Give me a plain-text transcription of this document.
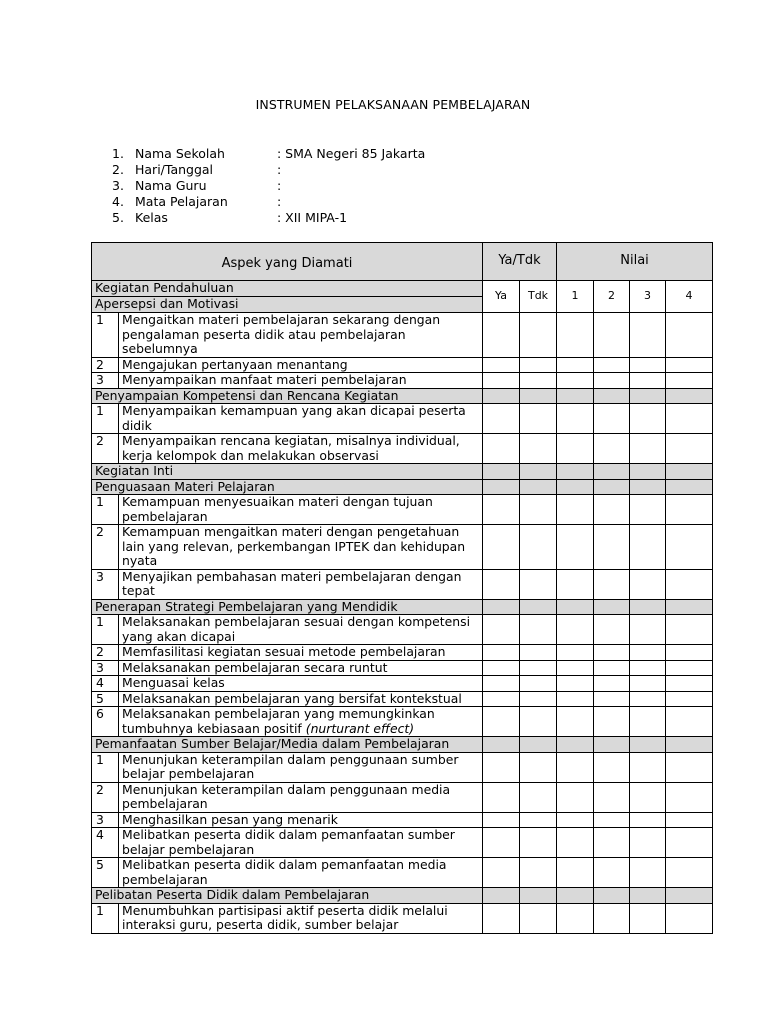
INSTRUMEN PELAKSANAAN PEMBELAJARAN
1. Nama Sekolah	: SMA Negeri 85 Jakarta
2. Hari/Tanggal	:
3. Nama Guru	:
4. Mata Pelajaran	:
5. Kelas	: XII MIPA-1
Aspek yang Diamati		Ya/Tdk		Nilai			
Kegiatan Pendahuluan		Ya	Tdk	1	2	3	4
Apersepsi dan Motivasi							
1	Mengaitkan materi pembelajaran sekarang dengan pengalaman peserta didik atau pembelajaran sebelumnya						
2	Mengajukan pertanyaan menantang						
3	Menyampaikan manfaat materi pembelajaran						
Penyampaian Kompetensi dan Rencana Kegiatan							
1	Menyampaikan kemampuan yang akan dicapai peserta didik						
2	Menyampaikan rencana kegiatan, misalnya individual, kerja kelompok dan melakukan observasi						
Kegiatan Inti							
Penguasaan Materi Pelajaran							
1	Kemampuan menyesuaikan materi dengan tujuan pembelajaran						
2	Kemampuan mengaitkan materi dengan pengetahuan lain yang relevan, perkembangan IPTEK dan kehidupan nyata						
3	Menyajikan pembahasan materi pembelajaran dengan tepat						
Penerapan Strategi Pembelajaran yang Mendidik							
1	Melaksanakan pembelajaran sesuai dengan kompetensi yang akan dicapai						
2	Memfasilitasi kegiatan sesuai metode pembelajaran						
3	Melaksanakan pembelajaran secara runtut						
4	Menguasai kelas						
5	Melaksanakan pembelajaran yang bersifat kontekstual						
6	Melaksanakan pembelajaran yang memungkinkan tumbuhnya kebiasaan positif (nurturant effect)						
Pemanfaatan Sumber Belajar/Media dalam Pembelajaran							
1	Menunjukan keterampilan dalam penggunaan sumber belajar pembelajaran						
2	Menunjukan keterampilan dalam penggunaan media pembelajaran						
3	Menghasilkan pesan yang menarik						
4	Melibatkan peserta didik dalam pemanfaatan sumber belajar pembelajaran						
5	Melibatkan peserta didik dalam pemanfaatan media pembelajaran						
Pelibatan Peserta Didik dalam Pembelajaran							
1	Menumbuhkan partisipasi aktif peserta didik melalui interaksi guru, peserta didik, sumber belajar						
